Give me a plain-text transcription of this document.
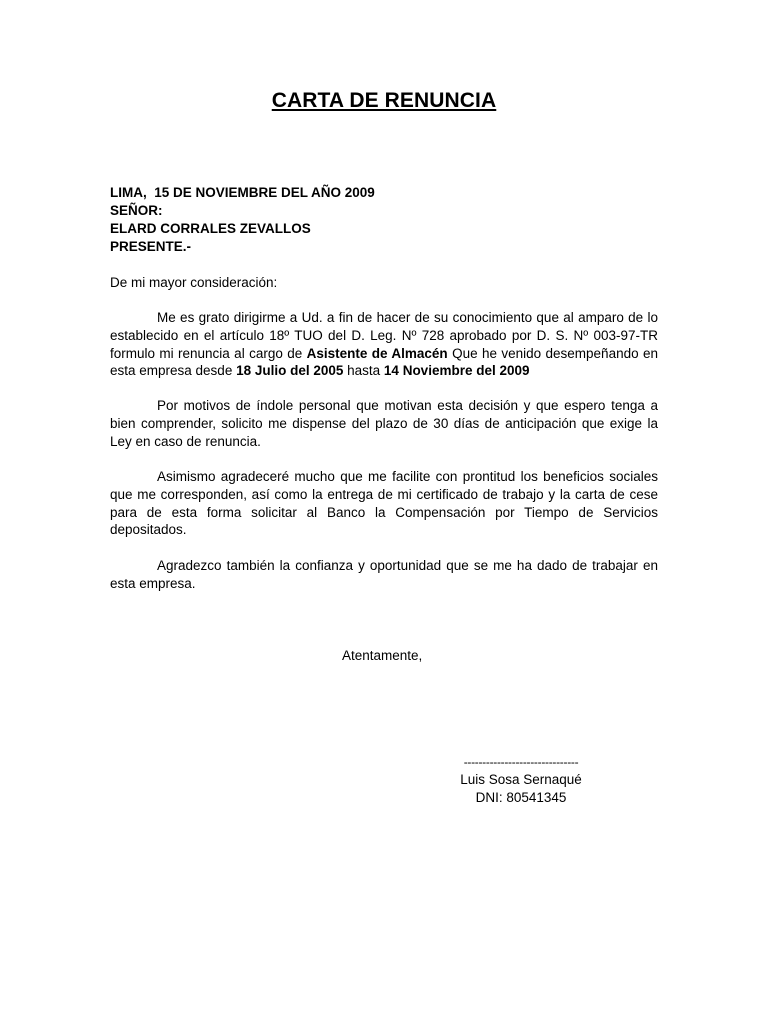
CARTA DE RENUNCIA
LIMA,  15 DE NOVIEMBRE DEL AÑO 2009
SEÑOR:
ELARD CORRALES ZEVALLOS
PRESENTE.-
De mi mayor consideración:
Me es grato dirigirme a Ud. a fin de hacer de su conocimiento que al amparo de lo establecido en el artículo 18º TUO del D. Leg. Nº 728 aprobado por D. S. Nº 003-97-TR formulo mi renuncia al cargo de Asistente de Almacén Que he venido desempeñando en esta empresa desde 18 Julio del 2005 hasta 14 Noviembre del 2009
Por motivos de índole personal que motivan esta decisión y que espero tenga a bien comprender, solicito me dispense del plazo de 30 días de anticipación que exige la Ley en caso de renuncia.
Asimismo agradeceré mucho que me facilite con prontitud los beneficios sociales que me corresponden, así como la entrega de mi certificado de trabajo y la carta de cese para de esta forma solicitar al Banco la Compensación por Tiempo de Servicios depositados.
Agradezco también la confianza y oportunidad que se me ha dado de trabajar en esta empresa.
Atentamente,
-------------------------------
Luis Sosa Sernaqué
DNI: 80541345
